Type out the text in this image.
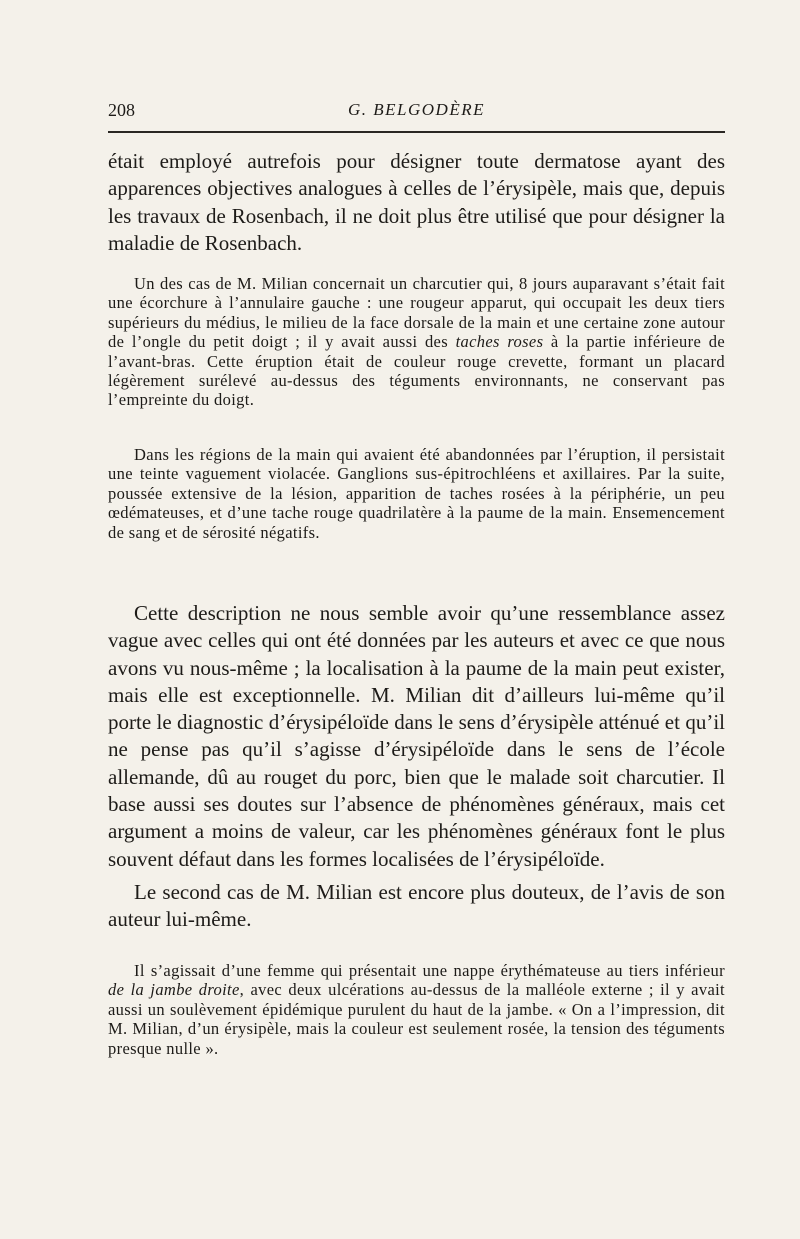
208	G. BELGODÈRE

était employé autrefois pour désigner toute dermatose ayant des apparences objectives analogues à celles de l’érysipèle, mais que, depuis les travaux de Rosenbach, il ne doit plus être utilisé que pour désigner la maladie de Rosenbach.

Un des cas de M. Milian concernait un charcutier qui, 8 jours auparavant s’était fait une écorchure à l’annulaire gauche : une rougeur apparut, qui occupait les deux tiers supérieurs du médius, le milieu de la face dorsale de la main et une certaine zone autour de l’ongle du petit doigt ; il y avait aussi des taches roses à la partie inférieure de l’avant-bras. Cette éruption était de couleur rouge crevette, formant un placard légèrement surélevé au-dessus des téguments environnants, ne conservant pas l’empreinte du doigt.

Dans les régions de la main qui avaient été abandonnées par l’éruption, il persistait une teinte vaguement violacée. Ganglions sus-épitrochléens et axillaires. Par la suite, poussée extensive de la lésion, apparition de taches rosées à la périphérie, un peu œdémateuses, et d’une tache rouge quadrilatère à la paume de la main. Ensemencement de sang et de sérosité négatifs.

Cette description ne nous semble avoir qu’une ressemblance assez vague avec celles qui ont été données par les auteurs et avec ce que nous avons vu nous-même ; la localisation à la paume de la main peut exister, mais elle est exceptionnelle. M. Milian dit d’ailleurs lui-même qu’il porte le diagnostic d’érysipéloïde dans le sens d’érysipèle atténué et qu’il ne pense pas qu’il s’agisse d’érysipéloïde dans le sens de l’école allemande, dû au rouget du porc, bien que le malade soit charcutier. Il base aussi ses doutes sur l’absence de phénomènes généraux, mais cet argument a moins de valeur, car les phénomènes généraux font le plus souvent défaut dans les formes localisées de l’érysipéloïde.

Le second cas de M. Milian est encore plus douteux, de l’avis de son auteur lui-même.

Il s’agissait d’une femme qui présentait une nappe érythémateuse au tiers inférieur de la jambe droite, avec deux ulcérations au-dessus de la malléole externe ; il y avait aussi un soulèvement épidémique purulent du haut de la jambe. « On a l’impression, dit M. Milian, d’un érysipèle, mais la couleur est seulement rosée, la tension des téguments presque nulle ».
